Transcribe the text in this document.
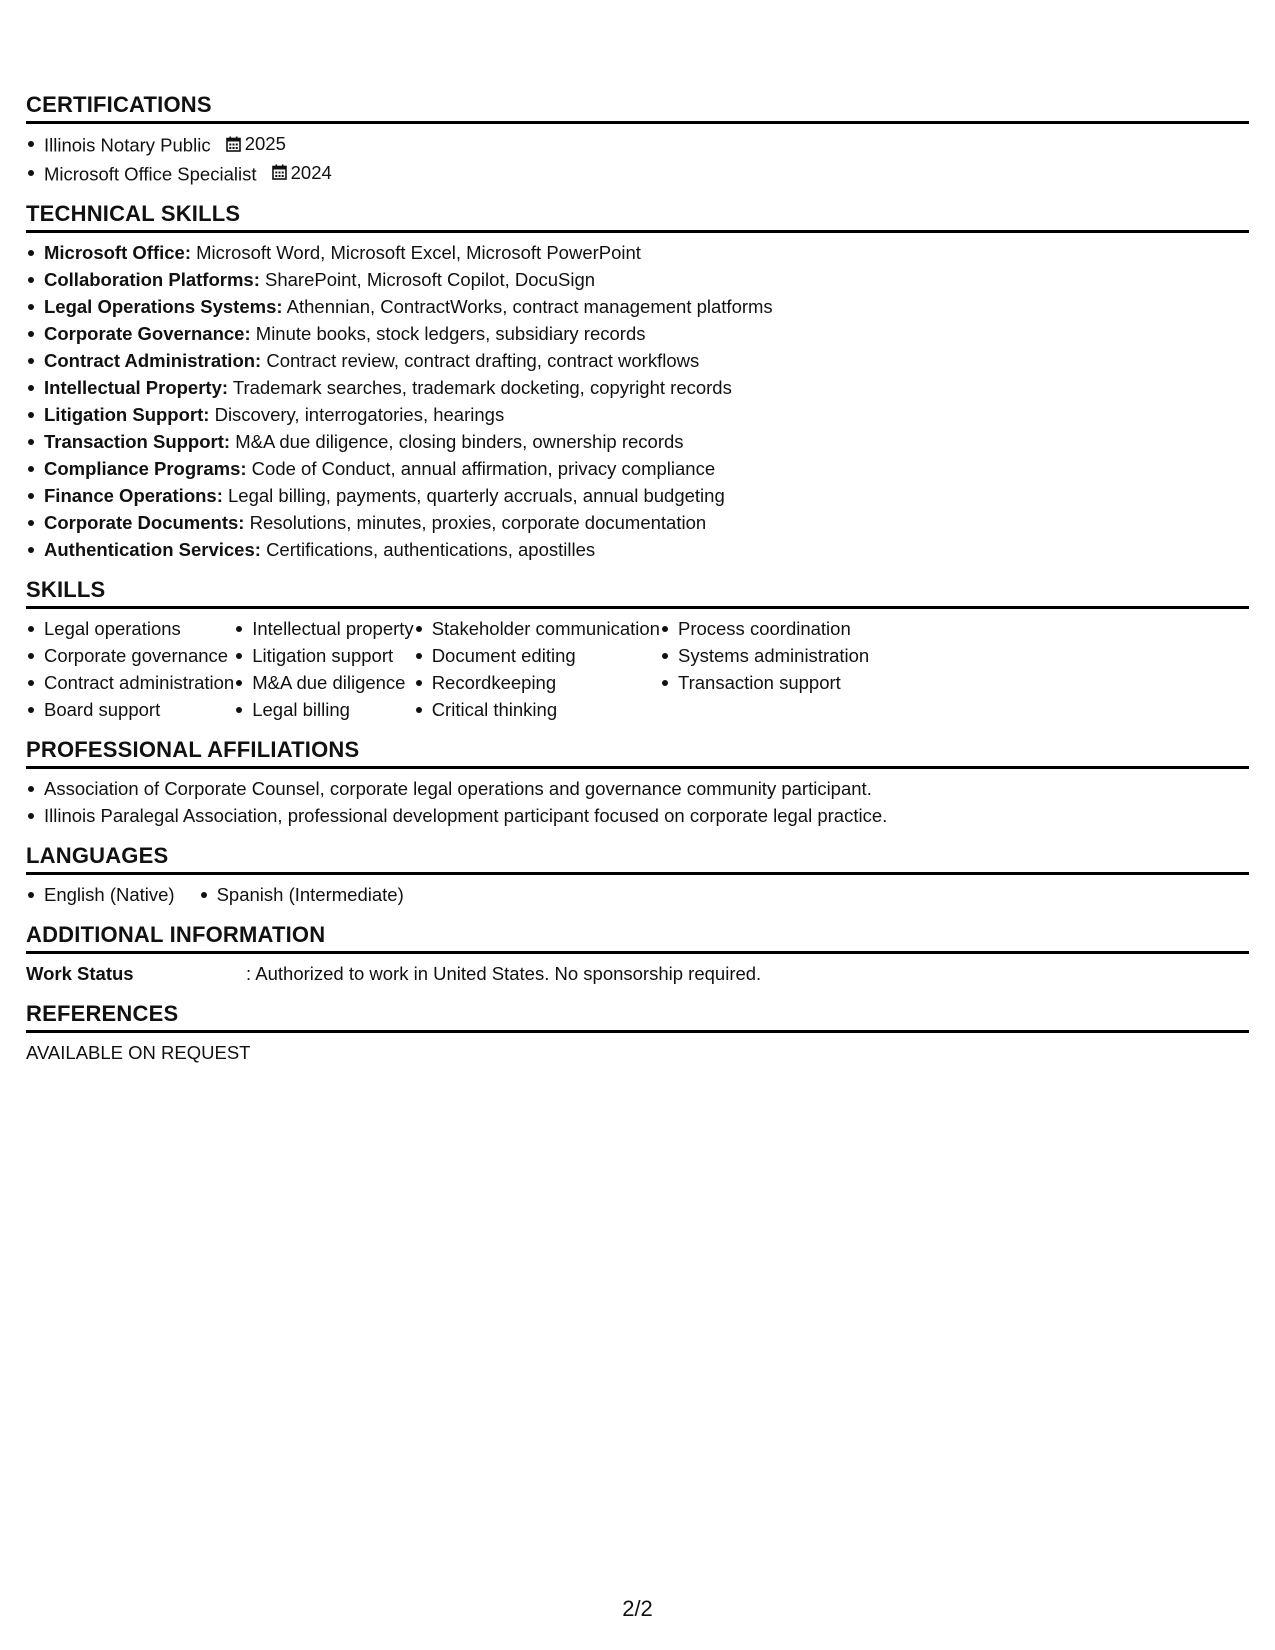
CERTIFICATIONS
Illinois Notary Public 2025
Microsoft Office Specialist 2024
TECHNICAL SKILLS
Microsoft Office: Microsoft Word, Microsoft Excel, Microsoft PowerPoint
Collaboration Platforms: SharePoint, Microsoft Copilot, DocuSign
Legal Operations Systems: Athennian, ContractWorks, contract management platforms
Corporate Governance: Minute books, stock ledgers, subsidiary records
Contract Administration: Contract review, contract drafting, contract workflows
Intellectual Property: Trademark searches, trademark docketing, copyright records
Litigation Support: Discovery, interrogatories, hearings
Transaction Support: M&A due diligence, closing binders, ownership records
Compliance Programs: Code of Conduct, annual affirmation, privacy compliance
Finance Operations: Legal billing, payments, quarterly accruals, annual budgeting
Corporate Documents: Resolutions, minutes, proxies, corporate documentation
Authentication Services: Certifications, authentications, apostilles
SKILLS
Legal operations
Corporate governance
Contract administration
Board support
Intellectual property
Litigation support
M&A due diligence
Legal billing
Stakeholder communication
Document editing
Recordkeeping
Critical thinking
Process coordination
Systems administration
Transaction support
PROFESSIONAL AFFILIATIONS
Association of Corporate Counsel, corporate legal operations and governance community participant.
Illinois Paralegal Association, professional development participant focused on corporate legal practice.
LANGUAGES
English (Native)	Spanish (Intermediate)
ADDITIONAL INFORMATION
Work Status	: Authorized to work in United States. No sponsorship required.
REFERENCES
AVAILABLE ON REQUEST
2/2
